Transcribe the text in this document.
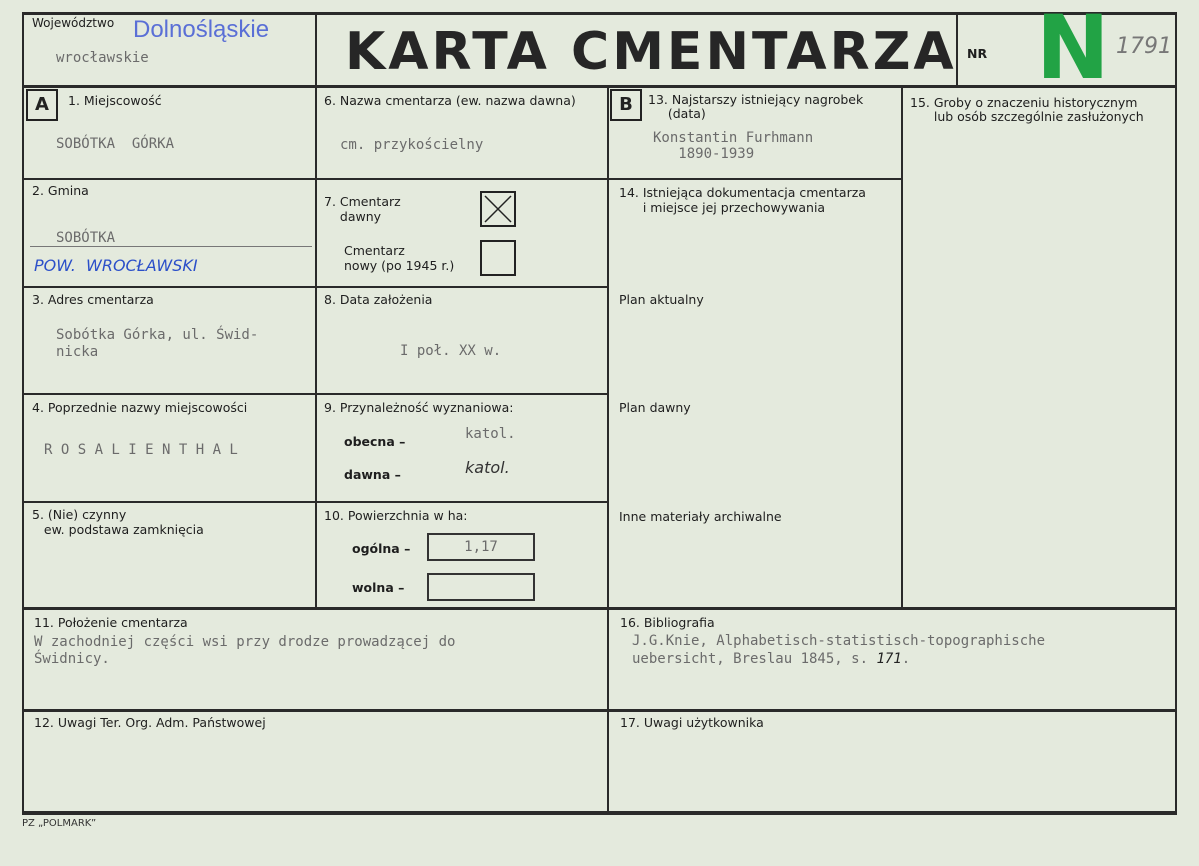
Województwo Dolnośląskie
wrocławskie	KARTA CMENTARZA NR N 1791
A	1. Miejscowość
SOBÓTKA  GÓRKA
2. Gmina
SOBÓTKA
POW.  WROCŁAWSKI
3. Adres cmentarza
Sobótka Górka, ul. Świd-
nicka
4. Poprzednie nazwy miejscowości
R O S A L I E N T H A L
5. (Nie) czynny
ew. podstawa zamknięcia
6. Nazwa cmentarza (ew. nazwa dawna)
cm. przykościelny
7. Cmentarz
dawny
Cmentarz
nowy (po 1945 r.)
8. Data założenia
I poł. XX w.
9. Przynależność wyznaniowa:
obecna –	katol.
dawna –	katol.
10. Powierzchnia w ha:
ogólna –	1,17
wolna –
B	13. Najstarszy istniejący nagrobek
(data)
Konstantin Furhmann
1890-1939
14. Istniejąca dokumentacja cmentarza
i miejsce jej przechowywania
Plan aktualny
Plan dawny
Inne materiały archiwalne
15. Groby o znaczeniu historycznym
lub osób szczególnie zasłużonych
11. Położenie cmentarza
W zachodniej części wsi przy drodze prowadzącej do
Świdnicy.
16. Bibliografia
J.G.Knie, Alphabetisch-statistisch-topographische
uebersicht, Breslau 1845, s. 171.
12. Uwagi Ter. Org. Adm. Państwowej	17. Uwagi użytkownika
PZ „POLMARK”
